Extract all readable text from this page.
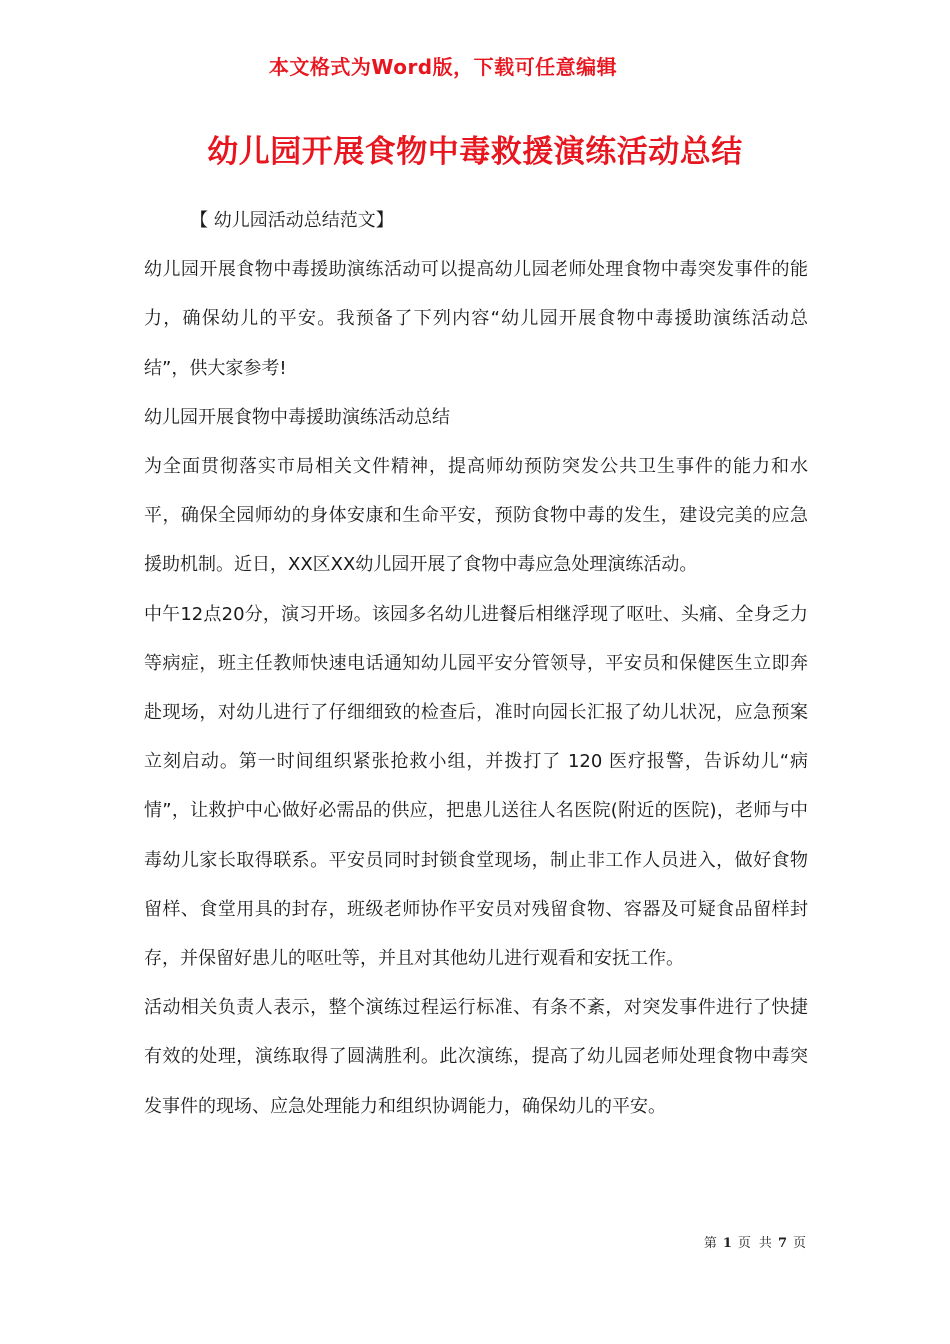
本文格式为Word版，下载可任意编辑
幼儿园开展食物中毒救援演练活动总结

【 幼儿园活动总结范文】

幼儿园开展食物中毒援助演练活动可以提高幼儿园老师处理食物中毒突发事件的能力，确保幼儿的平安。我预备了下列内容“幼儿园开展食物中毒援助演练活动总结”，供大家参考!

幼儿园开展食物中毒援助演练活动总结

为全面贯彻落实市局相关文件精神，提高师幼预防突发公共卫生事件的能力和水平，确保全园师幼的身体安康和生命平安，预防食物中毒的发生，建设完美的应急援助机制。近日，XX区XX幼儿园开展了食物中毒应急处理演练活动。

中午12点20分，演习开场。该园多名幼儿进餐后相继浮现了呕吐、头痛、全身乏力等病症，班主任教师快速电话通知幼儿园平安分管领导，平安员和保健医生立即奔赴现场，对幼儿进行了仔细细致的检查后，准时向园长汇报了幼儿状况，应急预案立刻启动。第一时间组织紧张抢救小组，并拨打了 120 医疗报警，告诉幼儿“病情”，让救护中心做好必需品的供应，把患儿送往人名医院(附近的医院)，老师与中毒幼儿家长取得联系。平安员同时封锁食堂现场，制止非工作人员进入，做好食物留样、食堂用具的封存，班级老师协作平安员对残留食物、容器及可疑食品留样封存，并保留好患儿的呕吐等，并且对其他幼儿进行观看和安抚工作。

活动相关负责人表示，整个演练过程运行标准、有条不紊，对突发事件进行了快捷有效的处理，演练取得了圆满胜利。此次演练，提高了幼儿园老师处理食物中毒突发事件的现场、应急处理能力和组织协调能力，确保幼儿的平安。

第 1 页 共 7 页
